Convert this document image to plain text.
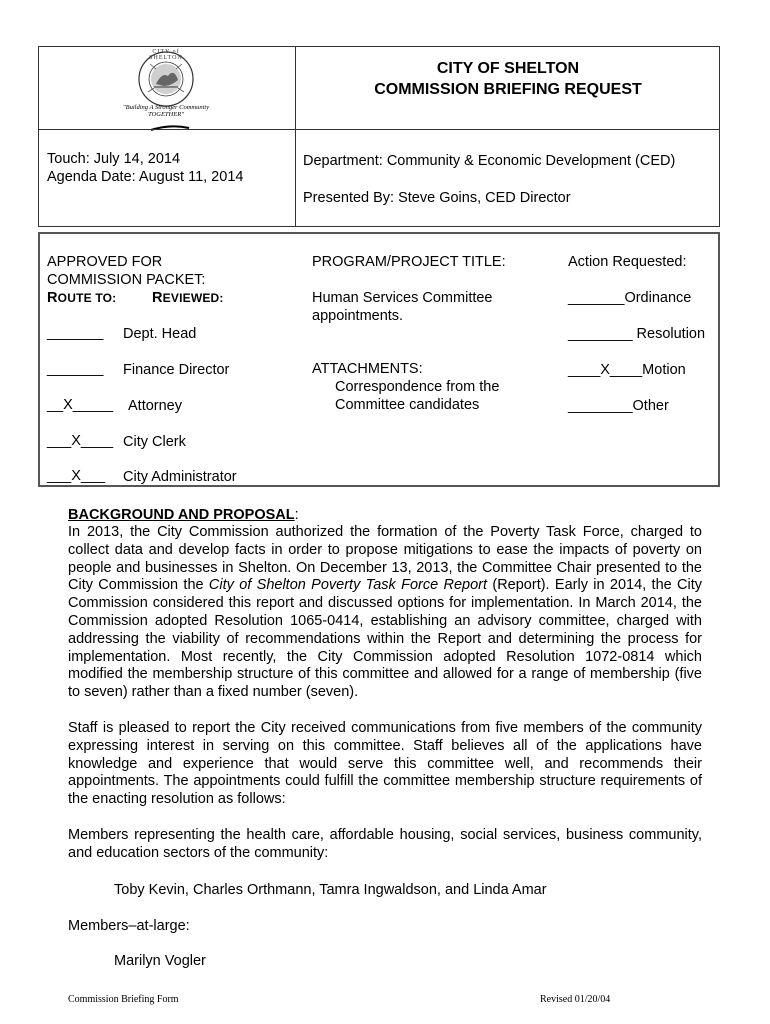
CITY of SHELTON
"Building A Stronger Community
TOGETHER"
CITY OF SHELTON
COMMISSION BRIEFING REQUEST
Touch: July 14, 2014
Agenda Date: August 11, 2014
Department: Community & Economic Development (CED)
Presented By: Steve Goins, CED Director
APPROVED FOR
COMMISSION PACKET:
ROUTE TO: REVIEWED:
_______ Dept. Head
_______ Finance Director
__X_____ Attorney
___X____ City Clerk
___X___ City Administrator
PROGRAM/PROJECT TITLE:
Human Services Committee
appointments.
ATTACHMENTS:
Correspondence from the
Committee candidates
Action Requested:
_______Ordinance
________ Resolution
____X____Motion
________Other
BACKGROUND AND PROPOSAL:
In 2013, the City Commission authorized the formation of the Poverty Task Force, charged to collect data and develop facts in order to propose mitigations to ease the impacts of poverty on people and businesses in Shelton. On December 13, 2013, the Committee Chair presented to the City Commission the City of Shelton Poverty Task Force Report (Report). Early in 2014, the City Commission considered this report and discussed options for implementation. In March 2014, the Commission adopted Resolution 1065-0414, establishing an advisory committee, charged with addressing the viability of recommendations within the Report and determining the process for implementation. Most recently, the City Commission adopted Resolution 1072-0814 which modified the membership structure of this committee and allowed for a range of membership (five to seven) rather than a fixed number (seven).
Staff is pleased to report the City received communications from five members of the community expressing interest in serving on this committee. Staff believes all of the applications have knowledge and experience that would serve this committee well, and recommends their appointments. The appointments could fulfill the committee membership structure requirements of the enacting resolution as follows:
Members representing the health care, affordable housing, social services, business community, and education sectors of the community:
Toby Kevin, Charles Orthmann, Tamra Ingwaldson, and Linda Amar
Members–at-large:
Marilyn Vogler
Commission Briefing Form	Revised 01/20/04
